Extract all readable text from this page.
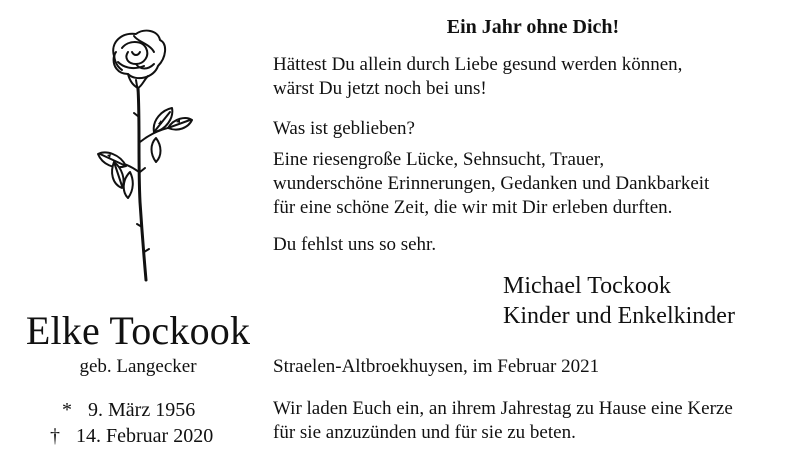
Elke Tockook
geb. Langecker
* 9. März 1956
† 14. Februar 2020
Ein Jahr ohne Dich!
Hättest Du allein durch Liebe gesund werden können,
wärst Du jetzt noch bei uns!
Was ist geblieben?
Eine riesengroße Lücke, Sehnsucht, Trauer,
wunderschöne Erinnerungen, Gedanken und Dankbarkeit
für eine schöne Zeit, die wir mit Dir erleben durften.
Du fehlst uns so sehr.
Michael Tockook
Kinder und Enkelkinder
Straelen-Altbroekhuysen, im Februar 2021
Wir laden Euch ein, an ihrem Jahrestag zu Hause eine Kerze
für sie anzuzünden und für sie zu beten.
